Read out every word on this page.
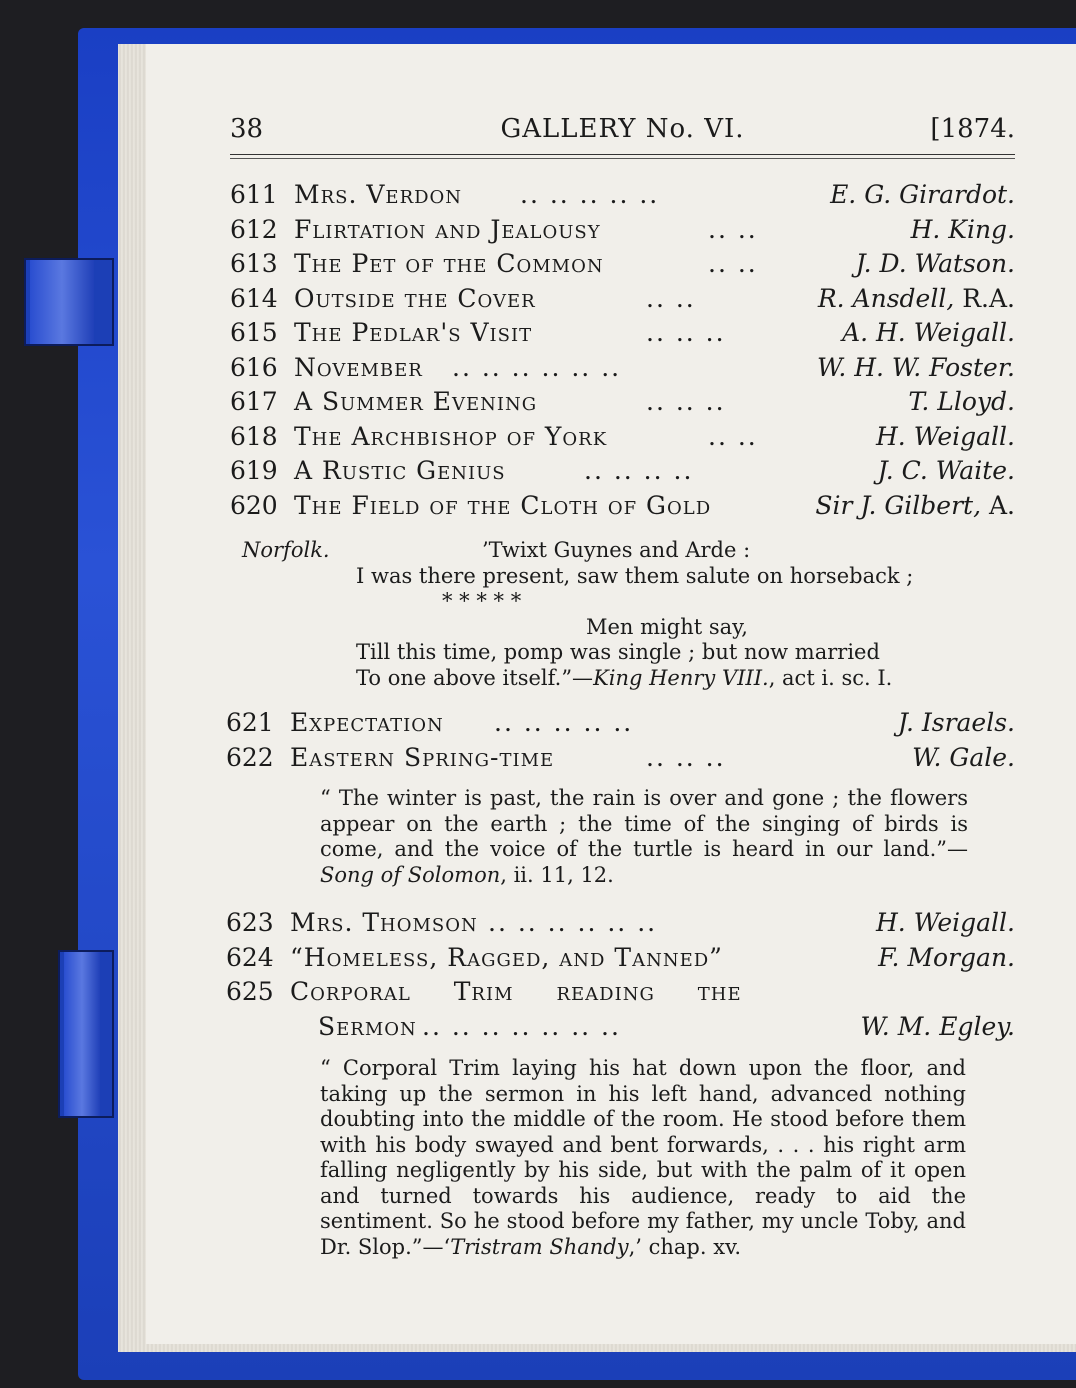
38	GALLERY No. VI.	[1874.
611 Mrs. Verdon .. .. .. .. ..	E. G. Girardot.
612 Flirtation and Jealousy	.. ..	H. King.
613 The Pet of the Common	.. ..	J. D. Watson.
614 Outside the Cover	.. ..	R. Ansdell, R.A.
615 The Pedlar's Visit	.. .. ..	A. H. Weigall.
616 November .. .. .. .. .. ..	W. H. W. Foster.
617 A Summer Evening	.. .. ..	T. Lloyd.
618 The Archbishop of York	.. ..	H. Weigall.
619 A Rustic Genius	.. .. .. ..	J. C. Waite.
620 The Field of the Cloth of Gold	Sir J. Gilbert, A.
Norfolk.	’Twixt Guynes and Arde :
I was there present, saw them salute on horseback ;
* * * * *
Men might say,
Till this time, pomp was single ; but now married
To one above itself.”—King Henry VIII., act i. sc. I.
621 Expectation .. .. .. .. ..	J. Israels.
622 Eastern Spring-time	.. .. ..	W. Gale.
“ The winter is past, the rain is over and gone ; the flowers appear on the earth ; the time of the singing of birds is come, and the voice of the turtle is heard in our land.”—Song of Solomon, ii. 11, 12.
623 Mrs. Thomson .. .. .. .. .. ..	H. Weigall.
624 “Homeless, Ragged, and Tanned”	F. Morgan.
625 Corporal Trim reading the
Sermon .. .. .. .. .. .. ..	W. M. Egley.
“ Corporal Trim laying his hat down upon the floor, and taking up the sermon in his left hand, advanced nothing doubting into the middle of the room. He stood before them with his body swayed and bent forwards, . . . his right arm falling negligently by his side, but with the palm of it open and turned towards his audience, ready to aid the sentiment. So he stood before my father, my uncle Toby, and Dr. Slop.”—‘Tristram Shandy,’ chap. xv.
